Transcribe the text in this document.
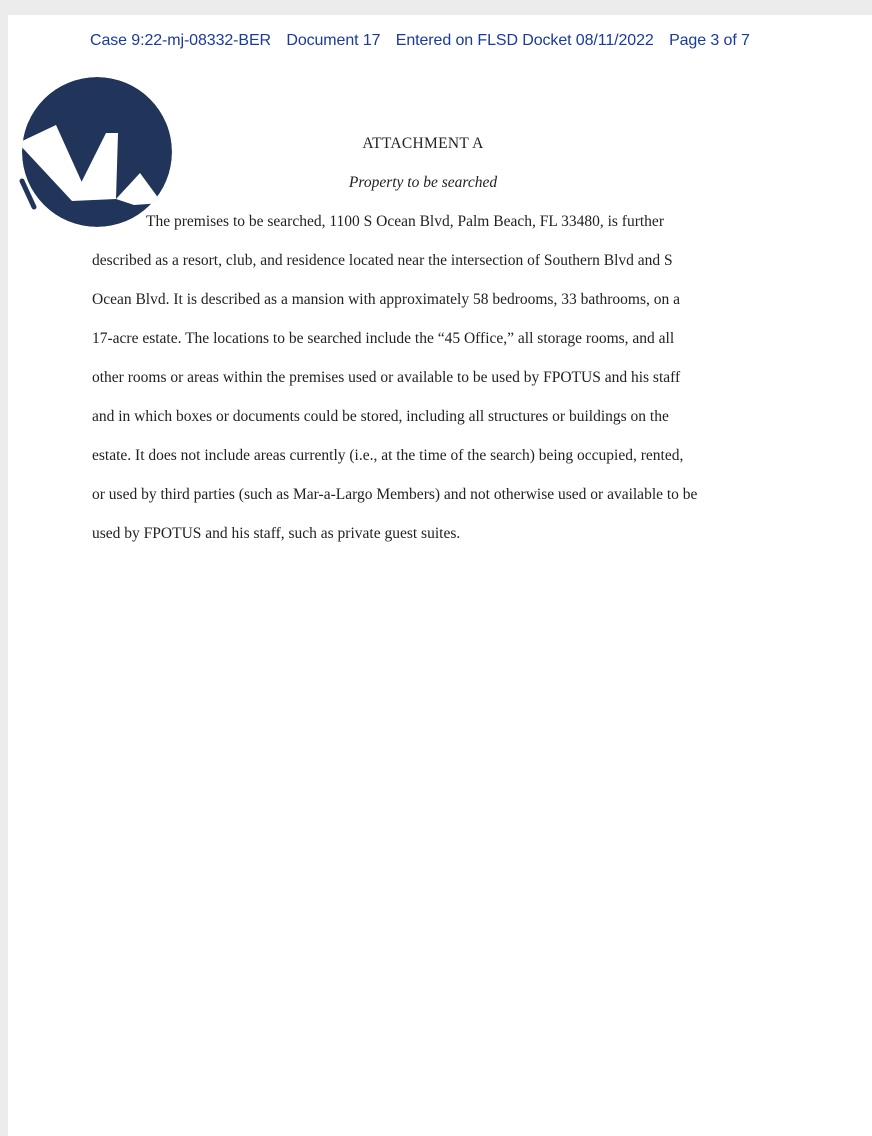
Case 9:22-mj-08332-BER Document 17 Entered on FLSD Docket 08/11/2022 Page 3 of 7
ATTACHMENT A
Property to be searched
The premises to be searched, 1100 S Ocean Blvd, Palm Beach, FL 33480, is further
described as a resort, club, and residence located near the intersection of Southern Blvd and S
Ocean Blvd. It is described as a mansion with approximately 58 bedrooms, 33 bathrooms, on a
17-acre estate. The locations to be searched include the “45 Office,” all storage rooms, and all
other rooms or areas within the premises used or available to be used by FPOTUS and his staff
and in which boxes or documents could be stored, including all structures or buildings on the
estate. It does not include areas currently (i.e., at the time of the search) being occupied, rented,
or used by third parties (such as Mar-a-Largo Members) and not otherwise used or available to be
used by FPOTUS and his staff, such as private guest suites.
